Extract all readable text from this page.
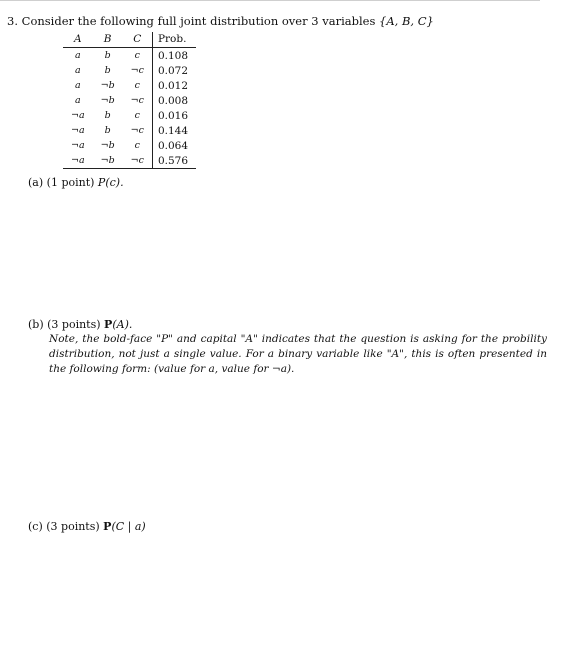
3. Consider the following full joint distribution over 3 variables {A, B, C}
A	B	C	Prob.
a	b	c	0.108
a	b	¬c	0.072
a	¬b	c	0.012
a	¬b	¬c	0.008
¬a	b	c	0.016
¬a	b	¬c	0.144
¬a	¬b	c	0.064
¬a	¬b	¬c	0.576
(a) (1 point) P(c).
(b) (3 points) P(A).
Note, the bold-face "P" and capital "A" indicates that the question is asking for the probility distribution, not just a single value. For a binary variable like "A", this is often presented in the following form: (value for a, value for ¬a).
(c) (3 points) P(C | a)
